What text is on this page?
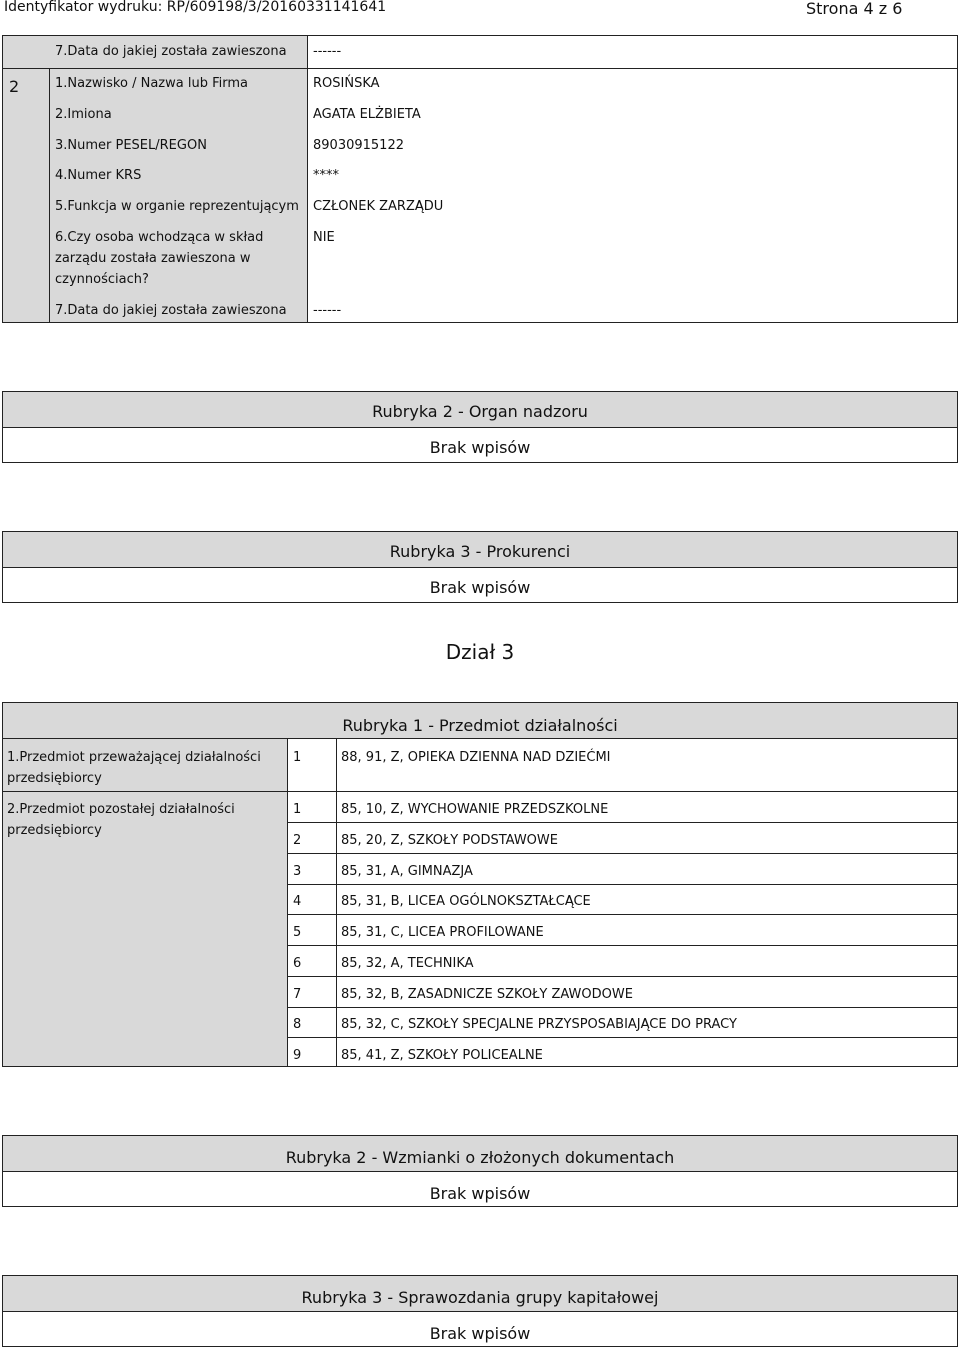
Identyfikator wydruku: RP/609198/3/20160331141641	Strona 4 z 6
2
7.Data do jakiej została zawieszona ------
1.Nazwisko / Nazwa lub Firma	ROSIŃSKA
2.Imiona	AGATA ELŻBIETA
3.Numer PESEL/REGON	89030915122
4.Numer KRS	****
5.Funkcja w organie reprezentującym CZŁONEK ZARZĄDU
6.Czy osoba wchodząca w skład zarządu została zawieszona w czynnościach?
NIE
7.Data do jakiej została zawieszona ------
Rubryka 2 - Organ nadzoru
Brak wpisów
Rubryka 3 - Prokurenci
Brak wpisów
Dział 3
Rubryka 1 - Przedmiot działalności
1.Przedmiot przeważającej działalności przedsiębiorcy
1	88, 91, Z, OPIEKA DZIENNA NAD DZIEĆMI
2.Przedmiot pozostałej działalności przedsiębiorcy
1	85, 10, Z, WYCHOWANIE PRZEDSZKOLNE
2	85, 20, Z, SZKOŁY PODSTAWOWE
3	85, 31, A, GIMNAZJA
4	85, 31, B, LICEA OGÓLNOKSZTAŁCĄCE
5	85, 31, C, LICEA PROFILOWANE
6	85, 32, A, TECHNIKA
7	85, 32, B, ZASADNICZE SZKOŁY ZAWODOWE
8	85, 32, C, SZKOŁY SPECJALNE PRZYSPOSABIAJĄCE DO PRACY
9	85, 41, Z, SZKOŁY POLICEALNE
Rubryka 2 - Wzmianki o złożonych dokumentach
Brak wpisów
Rubryka 3 - Sprawozdania grupy kapitałowej
Brak wpisów
